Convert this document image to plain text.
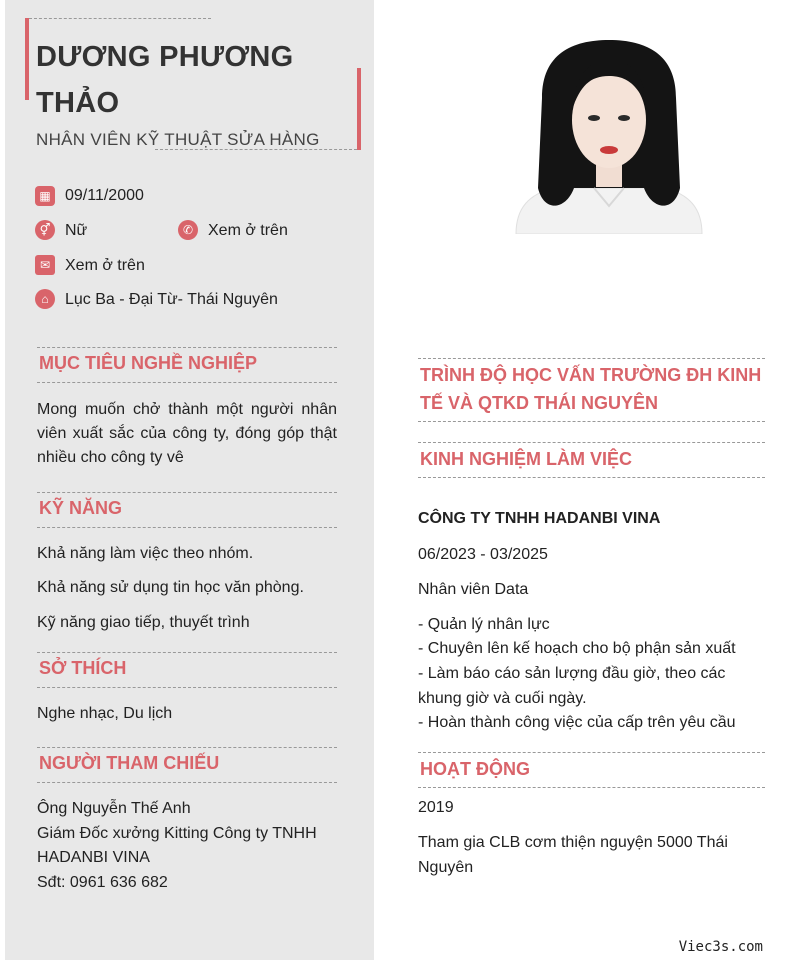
DƯƠNG PHƯƠNG THẢO
NHÂN VIÊN KỸ THUẬT SỬA HÀNG
▦ 09/11/2000
⚥ Nữ	✆ Xem ở trên
✉ Xem ở trên
⌂	Lục Ba - Đại Từ- Thái Nguyên
MỤC TIÊU NGHỀ NGHIỆP
Mong muốn chở thành một người nhân viên xuất sắc của công ty, đóng góp thật nhiều cho công ty vê
KỸ NĂNG
Khả năng làm việc theo nhóm.
Khả năng sử dụng tin học văn phòng.
Kỹ năng giao tiếp, thuyết trình
SỞ THÍCH
Nghe nhạc, Du lịch
NGƯỜI THAM CHIẾU
Ông Nguyễn Thế Anh
Giám Đốc xưởng Kitting Công ty TNHH
HADANBI VINA
Sđt: 0961 636 682
TRÌNH ĐỘ HỌC VẤN TRƯỜNG ĐH KINH
TẾ VÀ QTKD THÁI NGUYÊN
KINH NGHIỆM LÀM VIỆC
CÔNG TY TNHH HADANBI VINA
06/2023 - 03/2025
Nhân viên Data
- Quản lý nhân lực
- Chuyên lên kế hoạch cho bộ phận sản xuất
- Làm báo cáo sản lượng đầu giờ, theo các
khung giờ và cuối ngày.
- Hoàn thành công việc của cấp trên yêu cầu
HOẠT ĐỘNG
2019
Tham gia CLB cơm thiện nguyện 5000 Thái
Nguyên
Viec3s.com
